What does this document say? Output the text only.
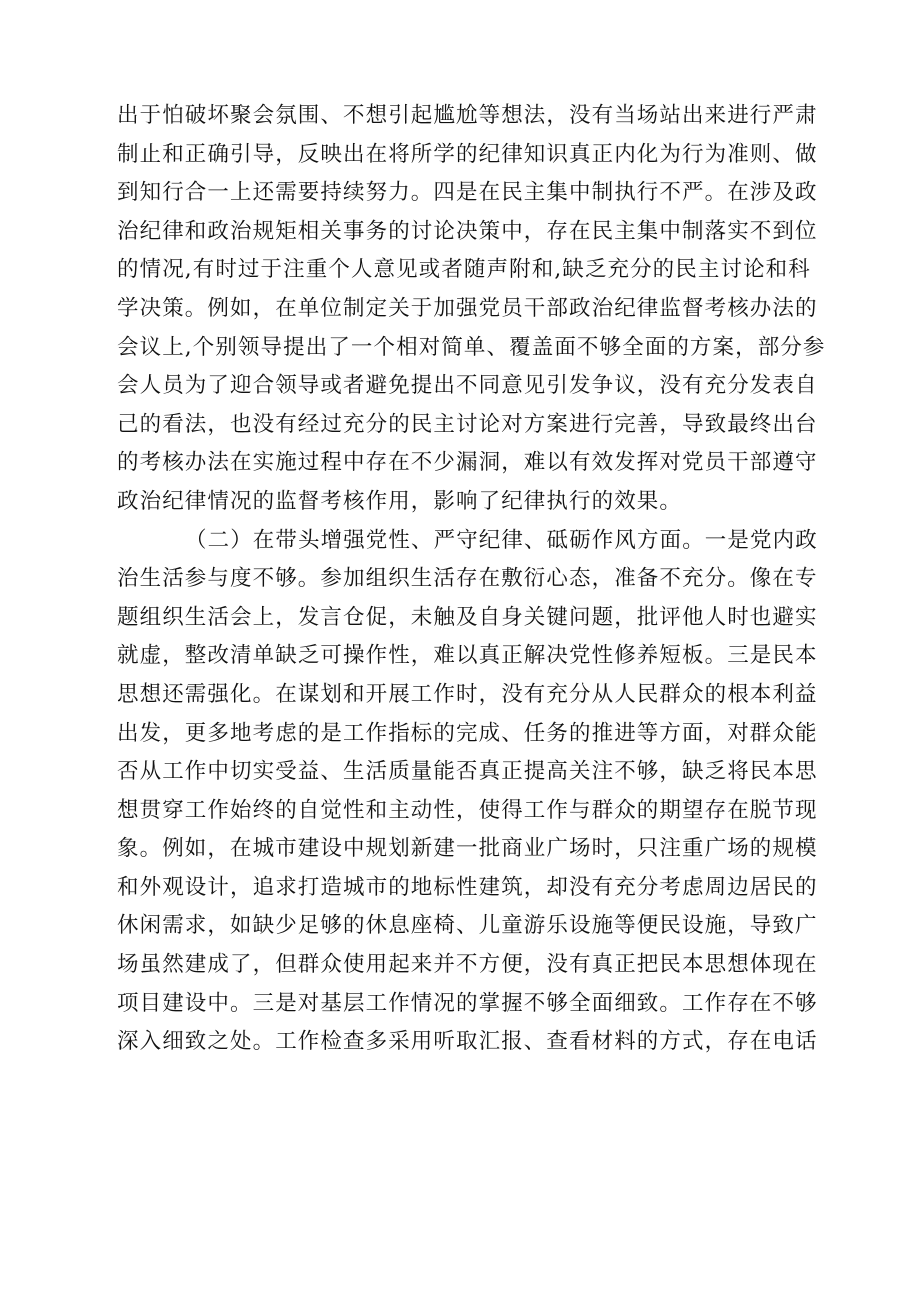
出于怕破坏聚会氛围、不想引起尴尬等想法，没有当场站出来进行严肃
制止和正确引导，反映出在将所学的纪律知识真正内化为行为准则、做
到知行合一上还需要持续努力。四是在民主集中制执行不严。在涉及政
治纪律和政治规矩相关事务的讨论决策中，存在民主集中制落实不到位
的情况,有时过于注重个人意见或者随声附和,缺乏充分的民主讨论和科
学决策。例如，在单位制定关于加强党员干部政治纪律监督考核办法的
会议上,个别领导提出了一个相对简单、覆盖面不够全面的方案，部分参
会人员为了迎合领导或者避免提出不同意见引发争议，没有充分发表自
己的看法，也没有经过充分的民主讨论对方案进行完善，导致最终出台
的考核办法在实施过程中存在不少漏洞，难以有效发挥对党员干部遵守
政治纪律情况的监督考核作用，影响了纪律执行的效果。
（二）在带头增强党性、严守纪律、砥砺作风方面。一是党内政
治生活参与度不够。参加组织生活存在敷衍心态，准备不充分。像在专
题组织生活会上，发言仓促，未触及自身关键问题，批评他人时也避实
就虚，整改清单缺乏可操作性，难以真正解决党性修养短板。三是民本
思想还需强化。在谋划和开展工作时，没有充分从人民群众的根本利益
出发，更多地考虑的是工作指标的完成、任务的推进等方面，对群众能
否从工作中切实受益、生活质量能否真正提高关注不够，缺乏将民本思
想贯穿工作始终的自觉性和主动性，使得工作与群众的期望存在脱节现
象。例如，在城市建设中规划新建一批商业广场时，只注重广场的规模
和外观设计，追求打造城市的地标性建筑，却没有充分考虑周边居民的
休闲需求，如缺少足够的休息座椅、儿童游乐设施等便民设施，导致广
场虽然建成了，但群众使用起来并不方便，没有真正把民本思想体现在
项目建设中。三是对基层工作情况的掌握不够全面细致。工作存在不够
深入细致之处。工作检查多采用听取汇报、查看材料的方式，存在电话
